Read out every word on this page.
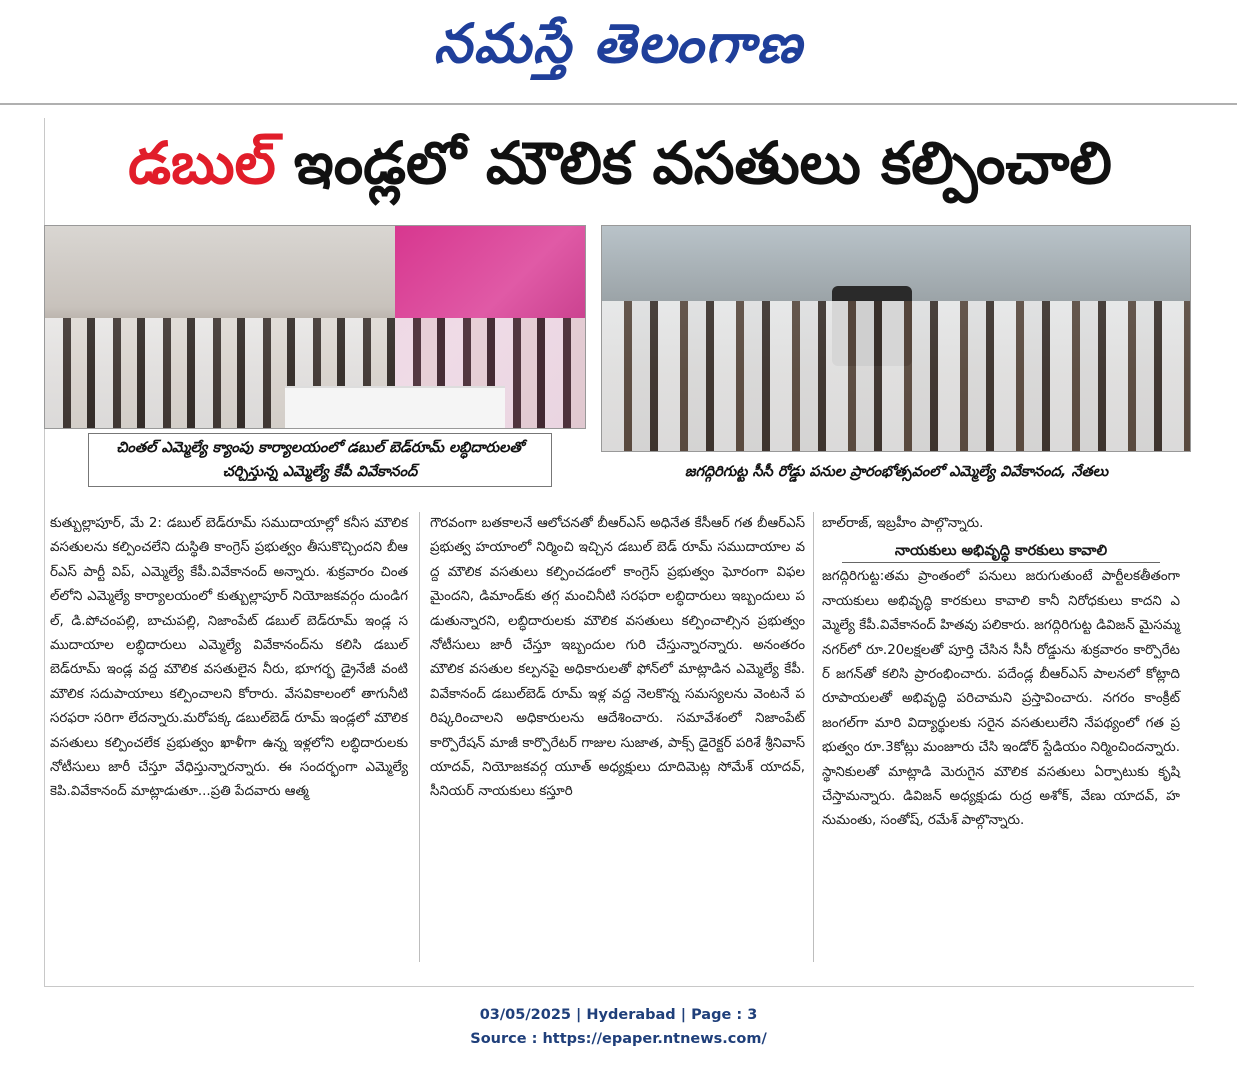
నమస్తే తెలంగాణ
డబుల్ ఇండ్లలో మౌలిక వసతులు కల్పించాలి
చింతల్ ఎమ్మెల్యే క్యాంపు కార్యాలయంలో డబుల్ బెడ్‌రూమ్ లబ్ధిదారులతో చర్చిస్తున్న ఎమ్మెల్యే కేపీ వివేకానంద్	జగద్గిరిగుట్ట సీసీ రోడ్డు పనుల ప్రారంభోత్సవంలో ఎమ్మెల్యే వివేకానంద, నేతలు
కుత్బుల్లాపూర్, మే 2: డబుల్ బెడ్‌రూమ్ సముదాయాల్లో కనీస మౌలిక వసతులను కల్పించలేని దుస్థితి కాంగ్రెస్ ప్రభుత్వం తీసుకొచ్చిందని బీఆర్‌ఎస్ పార్టీ విప్, ఎమ్మెల్యే కేపీ.వివేకానంద్ అన్నారు. శుక్రవారం చింతల్‌లోని ఎమ్మెల్యే కార్యాలయంలో కుత్బుల్లాపూర్ నియోజకవర్గం దుండిగల్, డి.పోచంపల్లి, బాచుపల్లి, నిజాంపేట్ డబుల్ బెడ్‌రూమ్ ఇండ్ల సముదాయాల లబ్ధిదారులు ఎమ్మెల్యే వివేకానంద్‌ను కలిసి డబుల్ బెడ్‌రూమ్ ఇండ్ల వద్ద మౌలిక వసతులైన నీరు, భూగర్భ డ్రైనేజీ వంటి మౌలిక సదుపాయాలు కల్పించాలని కోరారు. వేసవికాలంలో తాగునీటి సరఫరా సరిగా లేదన్నారు.మరోపక్క డబుల్‌బెడ్ రూమ్ ఇండ్లలో మౌలిక వసతులు కల్పించలేక ప్రభుత్వం ఖాళీగా ఉన్న ఇళ్లలోని లబ్ధిదారులకు నోటీసులు జారీ చేస్తూ వేధిస్తున్నారన్నారు. ఈ సందర్భంగా ఎమ్మెల్యే కెపి.వివేకానంద్ మాట్లాడుతూ...ప్రతి పేదవారు ఆత్మ
గౌరవంగా బతకాలనే ఆలోచనతో బీఆర్‌ఎస్ అధినేత కేసీఆర్ గత బీఆర్‌ఎస్ ప్రభుత్వ హయాంలో నిర్మించి ఇచ్చిన డబుల్ బెడ్ రూమ్ సముదాయాల వద్ద మౌలిక వసతులు కల్పించడంలో కాంగ్రెస్ ప్రభుత్వం ఘోరంగా విఫలమైందని, డిమాండ్‌కు తగ్గ మంచినీటి సరఫరా లబ్ధిదారులు ఇబ్బందులు పడుతున్నారని, లబ్ధిదారులకు మౌలిక వసతులు కల్పించాల్సిన ప్రభుత్వం నోటీసులు జారీ చేస్తూ ఇబ్బందుల గురి చేస్తున్నారన్నారు. అనంతరం మౌలిక వసతుల కల్పనపై అధికారులతో ఫోన్‌లో మాట్లాడిన ఎమ్మెల్యే కేపీ.వివేకానంద్ డబుల్‌బెడ్ రూమ్ ఇళ్ల వద్ద నెలకొన్న సమస్యలను వెంటనే పరిష్కరించాలని అధికారులను ఆదేశించారు. సమావేశంలో నిజాంపేట్ కార్పొరేషన్ మాజీ కార్పొరేటర్ గాజుల సుజాత, పాక్స్ డైరెక్టర్ పరిశే శ్రీనివాస్ యాదవ్, నియోజకవర్గ యూత్ అధ్యక్షులు దూదిమెట్ల సోమేశ్ యాదవ్, సీనియర్ నాయకులు కస్తూరి
బాల్‌రాజ్, ఇబ్రహీం పాల్గొన్నారు.
నాయకులు అభివృద్ధి కారకులు కావాలి
జగద్గిరిగుట్ట:తమ ప్రాంతంలో పనులు జరుగుతుంటే పార్టీలకతీతంగా నాయకులు అభివృద్ధి కారకులు కావాలి కానీ నిరోధకులు కాదని ఎమ్మెల్యే కేపీ.వివేకానంద్ హితవు పలికారు. జగద్గిరిగుట్ట డివిజన్ మైసమ్మ నగర్‌లో రూ.20లక్షలతో పూర్తి చేసిన సీసీ రోడ్డును శుక్రవారం కార్పొరేటర్ జగన్‌తో కలిసి ప్రారంభించారు. పదేండ్ల బీఆర్‌ఎస్ పాలనలో కోట్లాది రూపాయలతో అభివృద్ధి పరిచామని ప్రస్తావించారు. నగరం కాంక్రీట్ జంగల్‌గా మారి విద్యార్థులకు సరైన వసతులులేని నేపథ్యంలో గత ప్రభుత్వం రూ.3కోట్లు మంజూరు చేసి ఇండోర్ స్టేడియం నిర్మించిందన్నారు. స్థానికులతో మాట్లాడి మెరుగైన మౌలిక వసతులు ఏర్పాటుకు కృషి చేస్తామన్నారు. డివిజన్ అధ్యక్షుడు రుద్ర అశోక్, వేణు యాదవ్, హనుమంతు, సంతోష్, రమేశ్ పాల్గొన్నారు.
03/05/2025 | Hyderabad | Page : 3
Source : https://epaper.ntnews.com/
